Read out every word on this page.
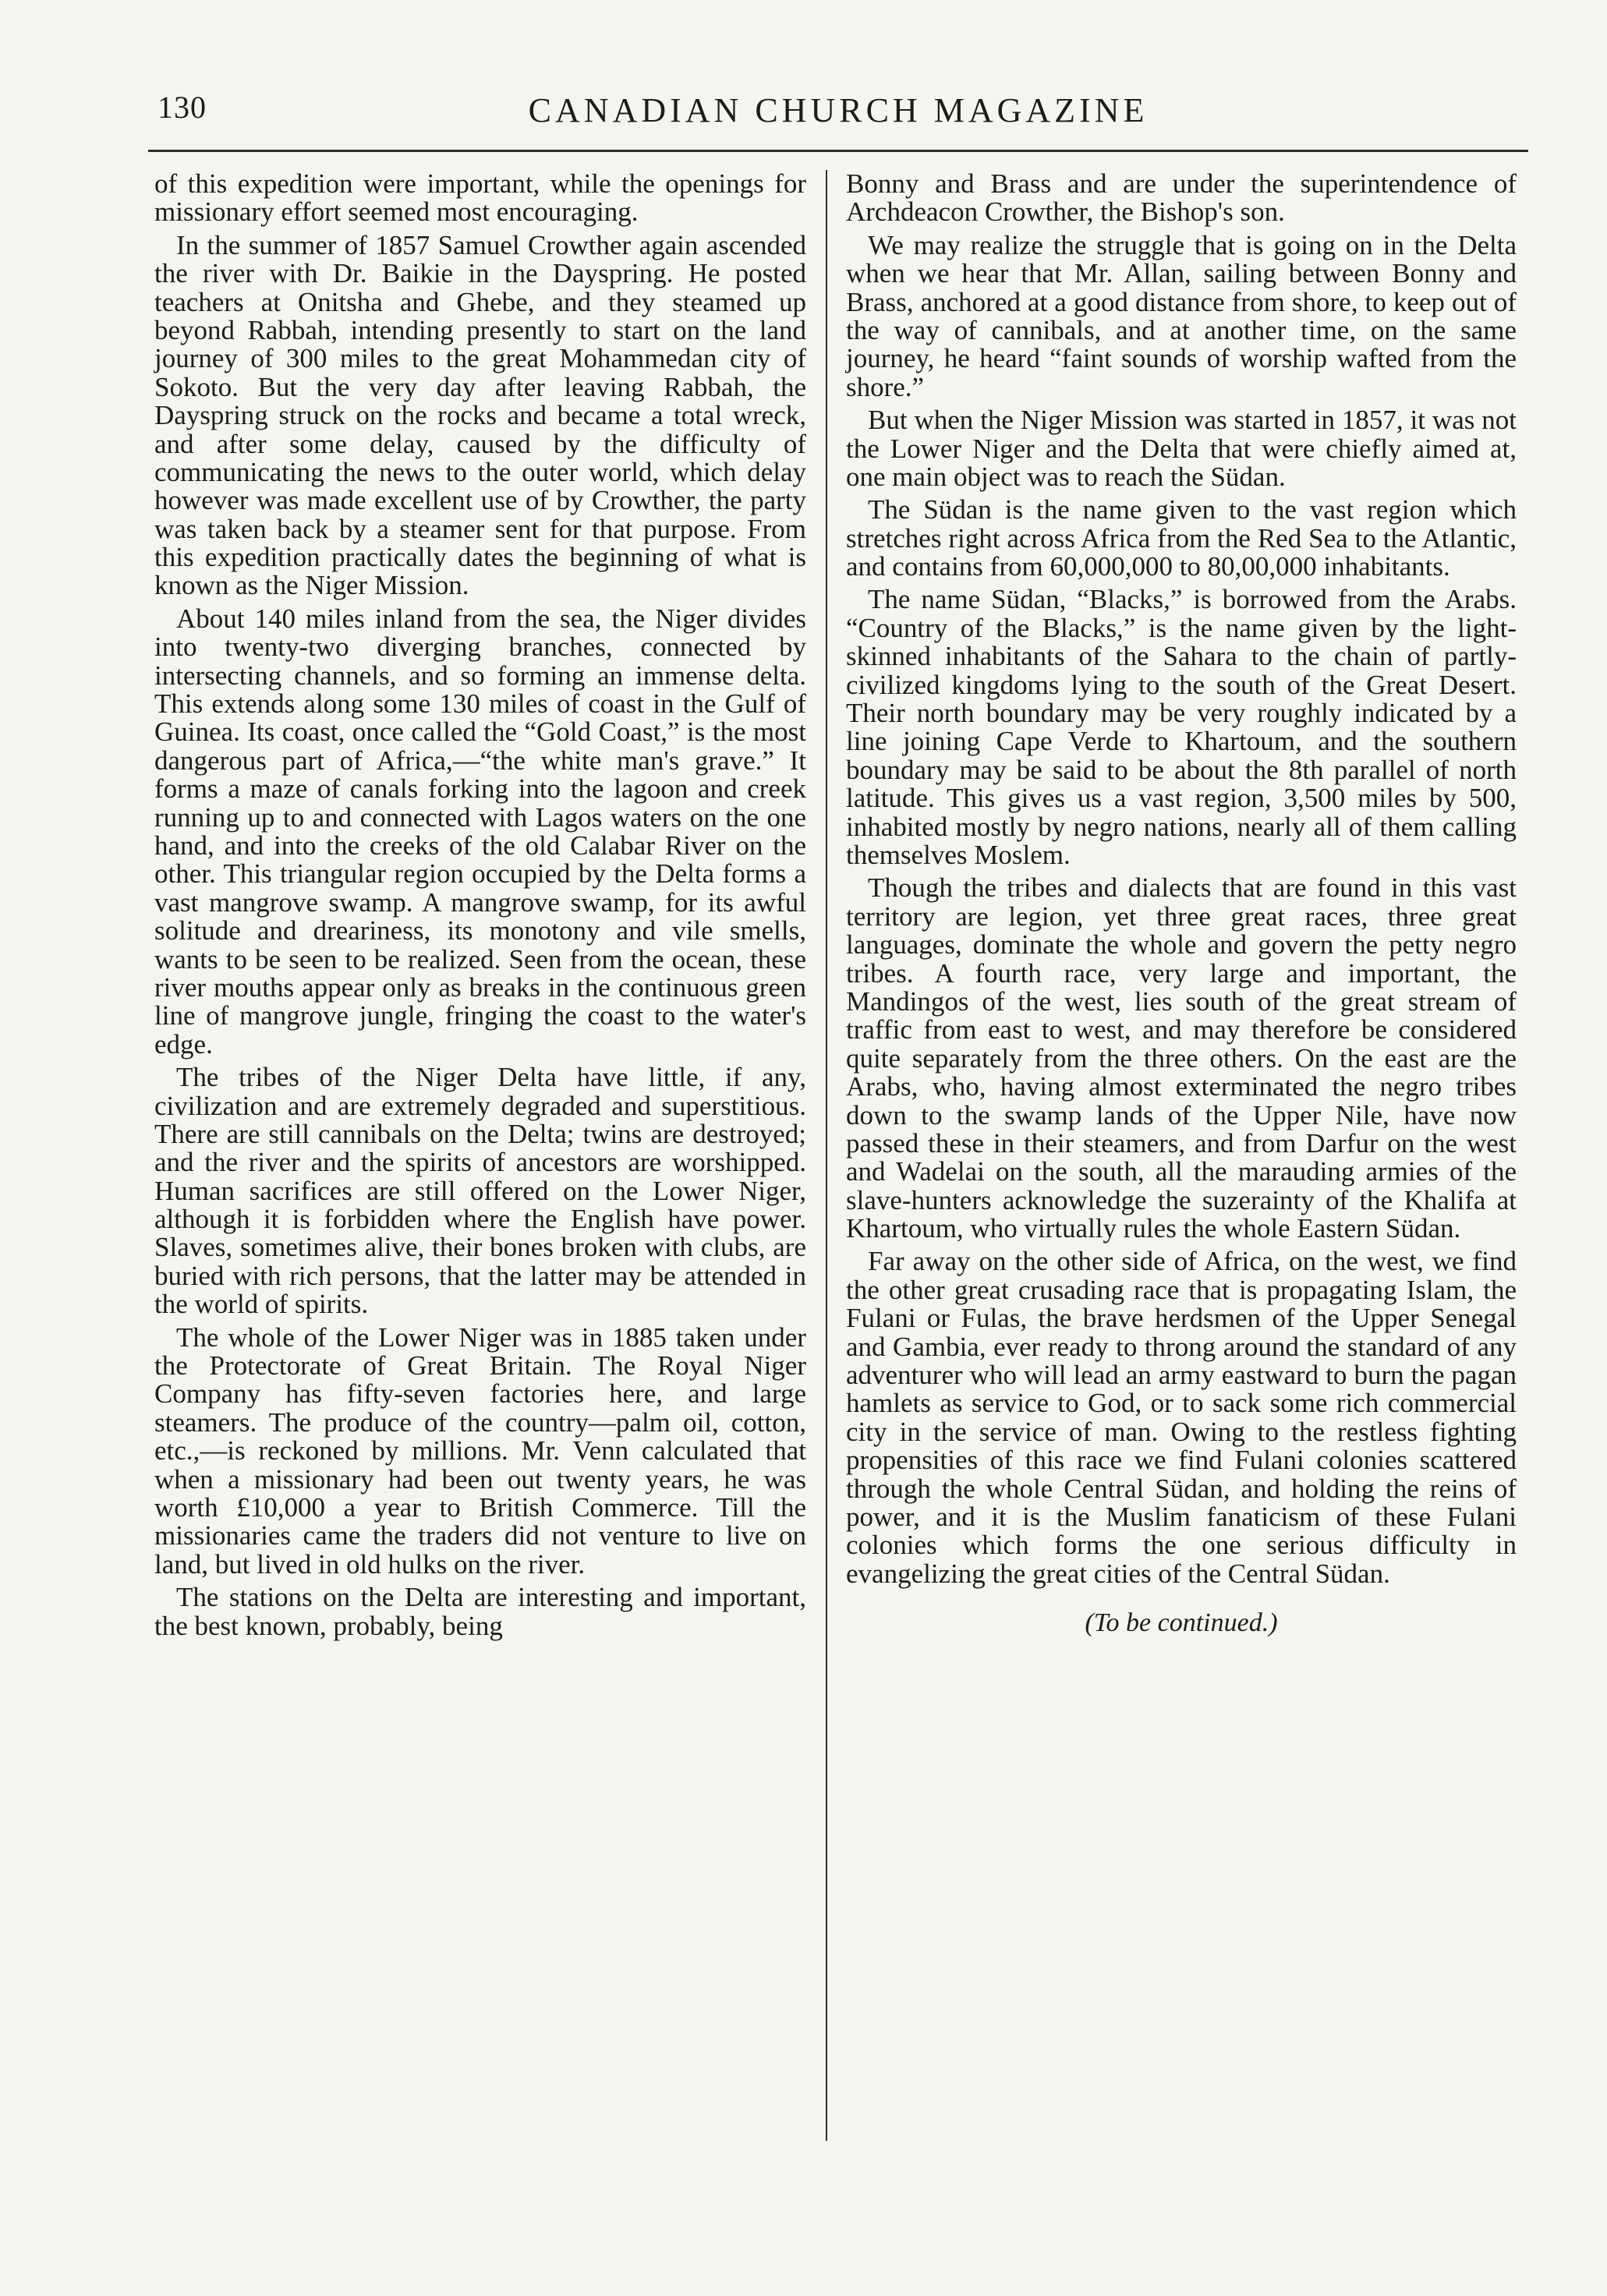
130	CANADIAN CHURCH MAGAZINE

of this expedition were important, while the openings for missionary effort seemed most encouraging.

In the summer of 1857 Samuel Crowther again ascended the river with Dr. Baikie in the Dayspring. He posted teachers at Onitsha and Ghebe, and they steamed up beyond Rabbah, intending presently to start on the land journey of 300 miles to the great Mohammedan city of Sokoto. But the very day after leaving Rabbah, the Dayspring struck on the rocks and became a total wreck, and after some delay, caused by the difficulty of communicating the news to the outer world, which delay however was made excellent use of by Crowther, the party was taken back by a steamer sent for that purpose. From this expedition practically dates the beginning of what is known as the Niger Mission.

About 140 miles inland from the sea, the Niger divides into twenty-two diverging branches, connected by intersecting channels, and so forming an immense delta. This extends along some 130 miles of coast in the Gulf of Guinea. Its coast, once called the “Gold Coast,” is the most dangerous part of Africa,—“the white man's grave.” It forms a maze of canals forking into the lagoon and creek running up to and connected with Lagos waters on the one hand, and into the creeks of the old Calabar River on the other. This triangular region occupied by the Delta forms a vast mangrove swamp. A mangrove swamp, for its awful solitude and dreariness, its monotony and vile smells, wants to be seen to be realized. Seen from the ocean, these river mouths appear only as breaks in the continuous green line of mangrove jungle, fringing the coast to the water's edge.

The tribes of the Niger Delta have little, if any, civilization and are extremely degraded and superstitious. There are still cannibals on the Delta; twins are destroyed; and the river and the spirits of ancestors are worshipped. Human sacrifices are still offered on the Lower Niger, although it is forbidden where the English have power. Slaves, sometimes alive, their bones broken with clubs, are buried with rich persons, that the latter may be attended in the world of spirits.

The whole of the Lower Niger was in 1885 taken under the Protectorate of Great Britain. The Royal Niger Company has fifty-seven factories here, and large steamers. The produce of the country—palm oil, cotton, etc.,—is reckoned by millions. Mr. Venn calculated that when a missionary had been out twenty years, he was worth £10,000 a year to British Commerce. Till the missionaries came the traders did not venture to live on land, but lived in old hulks on the river.

The stations on the Delta are interesting and important, the best known, probably, being

Bonny and Brass and are under the superintendence of Archdeacon Crowther, the Bishop's son.

We may realize the struggle that is going on in the Delta when we hear that Mr. Allan, sailing between Bonny and Brass, anchored at a good distance from shore, to keep out of the way of cannibals, and at another time, on the same journey, he heard “faint sounds of worship wafted from the shore.”

But when the Niger Mission was started in 1857, it was not the Lower Niger and the Delta that were chiefly aimed at, one main object was to reach the Südan.

The Südan is the name given to the vast region which stretches right across Africa from the Red Sea to the Atlantic, and contains from 60,000,000 to 80,00,000 inhabitants.

The name Südan, “Blacks,” is borrowed from the Arabs. “Country of the Blacks,” is the name given by the light-skinned inhabitants of the Sahara to the chain of partly-civilized kingdoms lying to the south of the Great Desert. Their north boundary may be very roughly indicated by a line joining Cape Verde to Khartoum, and the southern boundary may be said to be about the 8th parallel of north latitude. This gives us a vast region, 3,500 miles by 500, inhabited mostly by negro nations, nearly all of them calling themselves Moslem.

Though the tribes and dialects that are found in this vast territory are legion, yet three great races, three great languages, dominate the whole and govern the petty negro tribes. A fourth race, very large and important, the Mandingos of the west, lies south of the great stream of traffic from east to west, and may therefore be considered quite separately from the three others. On the east are the Arabs, who, having almost exterminated the negro tribes down to the swamp lands of the Upper Nile, have now passed these in their steamers, and from Darfur on the west and Wadelai on the south, all the marauding armies of the slave-hunters acknowledge the suzerainty of the Khalifa at Khartoum, who virtually rules the whole Eastern Südan.

Far away on the other side of Africa, on the west, we find the other great crusading race that is propagating Islam, the Fulani or Fulas, the brave herdsmen of the Upper Senegal and Gambia, ever ready to throng around the standard of any adventurer who will lead an army eastward to burn the pagan hamlets as service to God, or to sack some rich commercial city in the service of man. Owing to the restless fighting propensities of this race we find Fulani colonies scattered through the whole Central Südan, and holding the reins of power, and it is the Muslim fanaticism of these Fulani colonies which forms the one serious difficulty in evangelizing the great cities of the Central Südan.

(To be continued.)
